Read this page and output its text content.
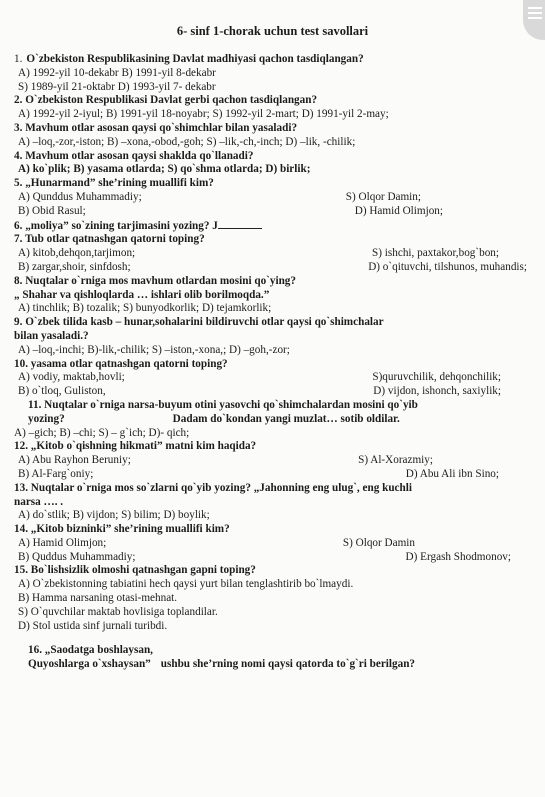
6- sinf 1-chorak uchun test savollari
1. O`zbekiston Respublikasining Davlat madhiyasi qachon tasdiqlangan?
A) 1992-yil 10-dekabr B) 1991-yil 8-dekabr
S) 1989-yil 21-oktabr D) 1993-yil 7- dekabr
2. O`zbekiston Respublikasi Davlat gerbi qachon tasdiqlangan?
A) 1992-yil 2-iyul; B) 1991-yil 18-noyabr; S) 1992-yil 2-mart; D) 1991-yil 2-may;
3. Mavhum otlar asosan qaysi qo`shimchlar bilan yasaladi?
A) –loq,-zor,-iston; B) –xona,-obod,-goh; S) –lik,-ch,-inch; D) –lik, -chilik;
4. Mavhum otlar asosan qaysi shaklda qo`llanadi?
A) ko`plik; B) yasama otlarda; S) qo`shma otlarda; D) birlik;
5. „Hunarmand” she’rining muallifi kim?
A) Qunddus Muhammadiy;	S) Olqor Damin;
B) Obid Rasul;	D) Hamid Olimjon;
6. „moliya” so`zining tarjimasini yozing? J
7. Tub otlar qatnashgan qatorni toping?
A) kitob,dehqon,tarjimon;	S) ishchi, paxtakor,bog`bon;
B) zargar,shoir, sinfdosh;	D) o`qituvchi, tilshunos, muhandis;
8. Nuqtalar o`rniga mos mavhum otlardan mosini qo`ying?
„ Shahar va qishloqlarda … ishlari olib borilmoqda.”
A) tinchlik; B) tozalik; S) bunyodkorlik; D) tejamkorlik;
9. O`zbek tilida kasb – hunar,sohalarini bildiruvchi otlar qaysi qo`shimchalar
bilan yasaladi.?
A) –loq,-inchi; B)-lik,-chilik; S) –iston,-xona,; D) –goh,-zor;
10. yasama otlar qatnashgan qatorni toping?
A) vodiy, maktab,hovli;	S)quruvchilik, dehqonchilik;
B) o`tloq, Guliston,	D) vijdon, ishonch, saxiylik;
11. Nuqtalar o`rniga narsa-buyum otini yasovchi qo`shimchalardan mosini qo`yib
yozing?	Dadam do`kondan yangi muzlat… sotib oldilar.
A) –gich; B) –chi; S) – g`ich; D)- qich;
12. „Kitob o`qishning hikmati” matni kim haqida?
A) Abu Rayhon Beruniy;	S) Al-Xorazmiy;
B) Al-Farg`oniy;	D) Abu Ali ibn Sino;
13. Nuqtalar o`rniga mos so`zlarni qo`yib yozing? „Jahonning eng ulug`, eng kuchli
narsa …. .
A) do`stlik; B) vijdon; S) bilim; D) boylik;
14. „Kitob bizninki” she’rining muallifi kim?
A) Hamid Olimjon;	S) Olqor Damin
B) Quddus Muhammadiy;	D) Ergash Shodmonov;
15. Bo`lishsizlik olmoshi qatnashgan gapni toping?
A) O`zbekistonning tabiatini hech qaysi yurt bilan tenglashtirib bo`lmaydi.
B) Hamma narsaning otasi-mehnat.
S) O`quvchilar maktab hovlisiga toplandilar.
D) Stol ustida sinf jurnali turibdi.
16. „Saodatga boshlaysan,
Quyoshlarga o`xshaysan” ushbu she’rning nomi qaysi qatorda to`g`ri berilgan?
